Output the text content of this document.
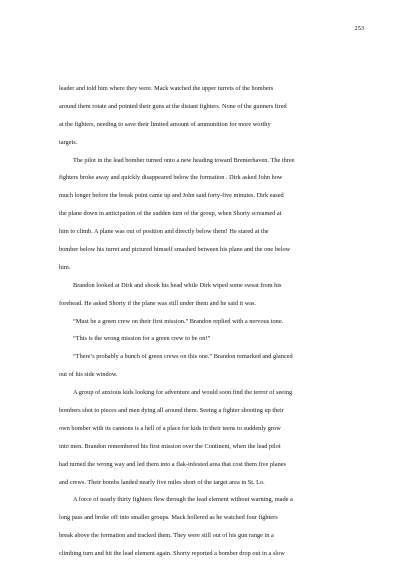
253
leader and told him where they were. Mack watched the upper turrets of the bombers
around them rotate and pointed their guns at the distant fighters. None of the gunners fired
at the fighters, needing to save their limited amount of ammunition for more worthy
targets.
The pilot in the lead bomber turned onto a new heading toward Bremerhaven. The three
fighters broke away and quickly disappeared below the formation . Dirk asked John how
much longer before the break point came up and John said forty-five minutes. Dirk eased
the plane down in anticipation of the sudden turn of the group, when Shorty screamed at
him to climb. A plane was out of position and directly below them! He stared at the
bomber below his turret and pictured himself smashed between his plane and the one below
him.
Brandon looked at Dirk and shook his head while Dirk wiped some sweat from his
forehead. He asked Shorty if the plane was still under them and he said it was.
“Must be a green crew on their first mission.” Brandon replied with a nervous tone.
“This is the wrong mission for a green crew to be on!”
“There’s probably a bunch of green crews on this one.” Brandon remarked and glanced
out of his side window.
A group of anxious kids looking for adventure and would soon find the terror of seeing
bombers shot to pieces and men dying all around them. Seeing a fighter shooting up their
own bomber with its cannons is a hell of a place for kids in their teens to suddenly grow
into men. Brandon remembered his first mission over the Continent, when the lead pilot
had turned the wrong way and led them into a flak-infested area that cost them five planes
and crews. Their bombs landed nearly five miles short of the target area in St. Lo.
A force of nearly thirty fighters flew through the lead element without warning, made a
long pass and broke off into smaller groups. Mack hollered as he watched four fighters
break above the formation and tracked them. They were still out of his gun range in a
climbing turn and hit the lead element again. Shorty reported a bomber drop out in a slow
